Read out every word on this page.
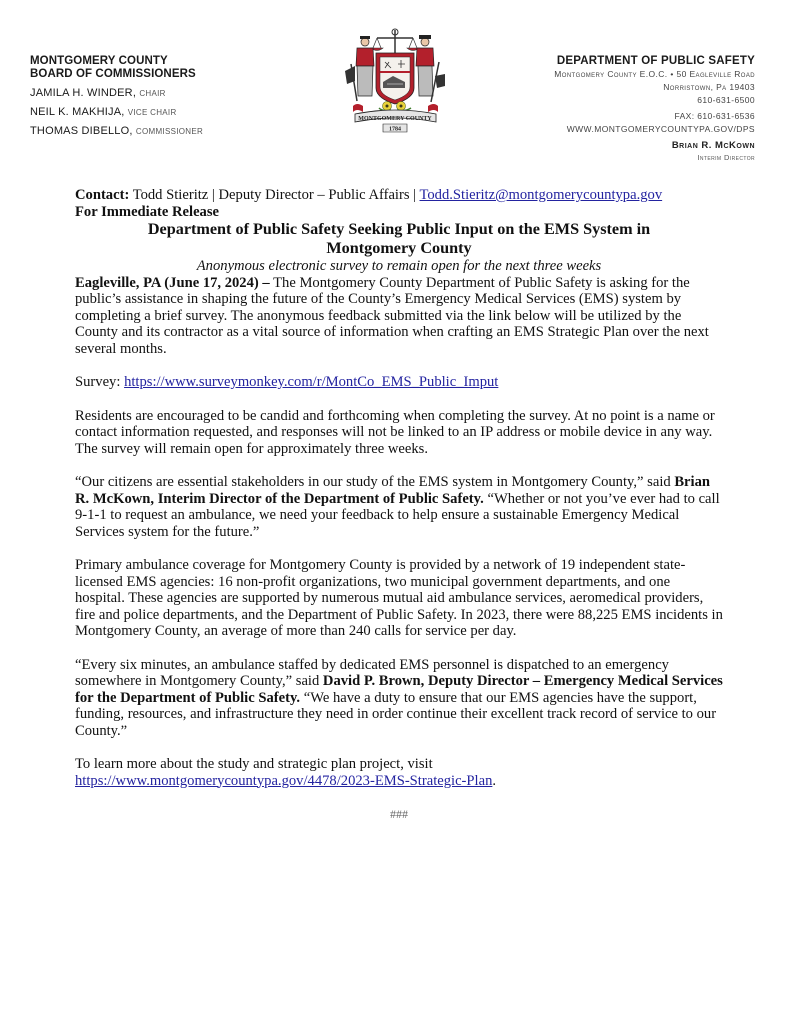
MONTGOMERY COUNTY
BOARD OF COMMISSIONERS
JAMILA H. WINDER, CHAIR
NEIL K. MAKHIJA, VICE CHAIR
THOMAS DIBELLO, COMMISSIONER
MONTGOMERY COUNTY
1784
DEPARTMENT OF PUBLIC SAFETY
Montgomery County E.O.C. • 50 Eagleville Road
Norristown, Pa 19403
610-631-6500
FAX: 610-631-6536
WWW.MONTGOMERYCOUNTYPA.GOV/DPS
Brian R. McKown
Interim Director

Contact: Todd Stieritz | Deputy Director – Public Affairs | Todd.Stieritz@montgomerycountypa.gov

For Immediate Release

Department of Public Safety Seeking Public Input on the EMS System in
Montgomery County

Anonymous electronic survey to remain open for the next three weeks

Eagleville, PA (June 17, 2024) – The Montgomery County Department of Public Safety is asking for the public’s assistance in shaping the future of the County’s Emergency Medical Services (EMS) system by completing a brief survey. The anonymous feedback submitted via the link below will be utilized by the County and its contractor as a vital source of information when crafting an EMS Strategic Plan over the next several months.

Survey: https://www.surveymonkey.com/r/MontCo_EMS_Public_Imput

Residents are encouraged to be candid and forthcoming when completing the survey. At no point is a name or contact information requested, and responses will not be linked to an IP address or mobile device in any way. The survey will remain open for approximately three weeks.

“Our citizens are essential stakeholders in our study of the EMS system in Montgomery County,” said Brian R. McKown, Interim Director of the Department of Public Safety. “Whether or not you’ve ever had to call 9-1-1 to request an ambulance, we need your feedback to help ensure a sustainable Emergency Medical Services system for the future.”

Primary ambulance coverage for Montgomery County is provided by a network of 19 independent state-licensed EMS agencies: 16 non-profit organizations, two municipal government departments, and one hospital. These agencies are supported by numerous mutual aid ambulance services, aeromedical providers, fire and police departments, and the Department of Public Safety. In 2023, there were 88,225 EMS incidents in Montgomery County, an average of more than 240 calls for service per day.

“Every six minutes, an ambulance staffed by dedicated EMS personnel is dispatched to an emergency somewhere in Montgomery County,” said David P. Brown, Deputy Director – Emergency Medical Services for the Department of Public Safety. “We have a duty to ensure that our EMS agencies have the support, funding, resources, and infrastructure they need in order continue their excellent track record of service to our County.”

To learn more about the study and strategic plan project, visit
https://www.montgomerycountypa.gov/4478/2023-EMS-Strategic-Plan.

###
